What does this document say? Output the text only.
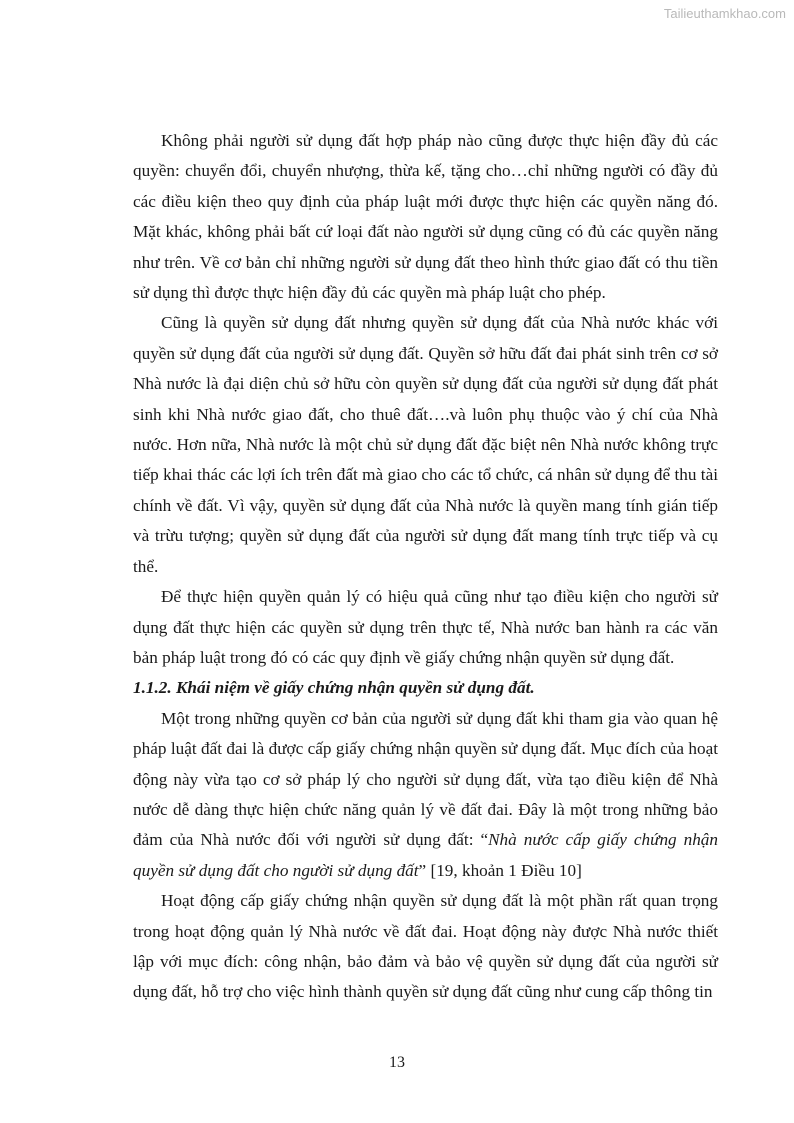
Tailieuthamkhao.com

Không phải người sử dụng đất hợp pháp nào cũng được thực hiện đầy đủ các quyền: chuyển đổi, chuyển nhượng, thừa kế, tặng cho…chỉ những người có đầy đủ các điều kiện theo quy định của pháp luật mới được thực hiện các quyền năng đó. Mặt khác, không phải bất cứ loại đất nào người sử dụng cũng có đủ các quyền năng như trên. Về cơ bản chỉ những người sử dụng đất theo hình thức giao đất có thu tiền sử dụng thì được thực hiện đầy đủ các quyền mà pháp luật cho phép.

Cũng là quyền sử dụng đất nhưng quyền sử dụng đất của Nhà nước khác với quyền sử dụng đất của người sử dụng đất. Quyền sở hữu đất đai phát sinh trên cơ sở Nhà nước là đại diện chủ sở hữu còn quyền sử dụng đất của người sử dụng đất phát sinh khi Nhà nước giao đất, cho thuê đất….và luôn phụ thuộc vào ý chí của Nhà nước. Hơn nữa, Nhà nước là một chủ sử dụng đất đặc biệt nên Nhà nước không trực tiếp khai thác các lợi ích trên đất mà giao cho các tổ chức, cá nhân sử dụng để thu tài chính về đất. Vì vậy, quyền sử dụng đất của Nhà nước là quyền mang tính gián tiếp và trừu tượng; quyền sử dụng đất của người sử dụng đất mang tính trực tiếp và cụ thể.

Để thực hiện quyền quản lý có hiệu quả cũng như tạo điều kiện cho người sử dụng đất thực hiện các quyền sử dụng trên thực tế, Nhà nước ban hành ra các văn bản pháp luật trong đó có các quy định về giấy chứng nhận quyền sử dụng đất.

1.1.2. Khái niệm về giấy chứng nhận quyền sử dụng đất.

Một trong những quyền cơ bản của người sử dụng đất khi tham gia vào quan hệ pháp luật đất đai là được cấp giấy chứng nhận quyền sử dụng đất. Mục đích của hoạt động này vừa tạo cơ sở pháp lý cho người sử dụng đất, vừa tạo điều kiện để Nhà nước dễ dàng thực hiện chức năng quản lý về đất đai. Đây là một trong những bảo đảm của Nhà nước đối với người sử dụng đất: “Nhà nước cấp giấy chứng nhận quyền sử dụng đất cho người sử dụng đất” [19, khoản 1 Điều 10]

Hoạt động cấp giấy chứng nhận quyền sử dụng đất là một phần rất quan trọng trong hoạt động quản lý Nhà nước về đất đai. Hoạt động này được Nhà nước thiết lập với mục đích: công nhận, bảo đảm và bảo vệ quyền sử dụng đất của người sử dụng đất, hỗ trợ cho việc hình thành quyền sử dụng đất cũng như cung cấp thông tin

13
